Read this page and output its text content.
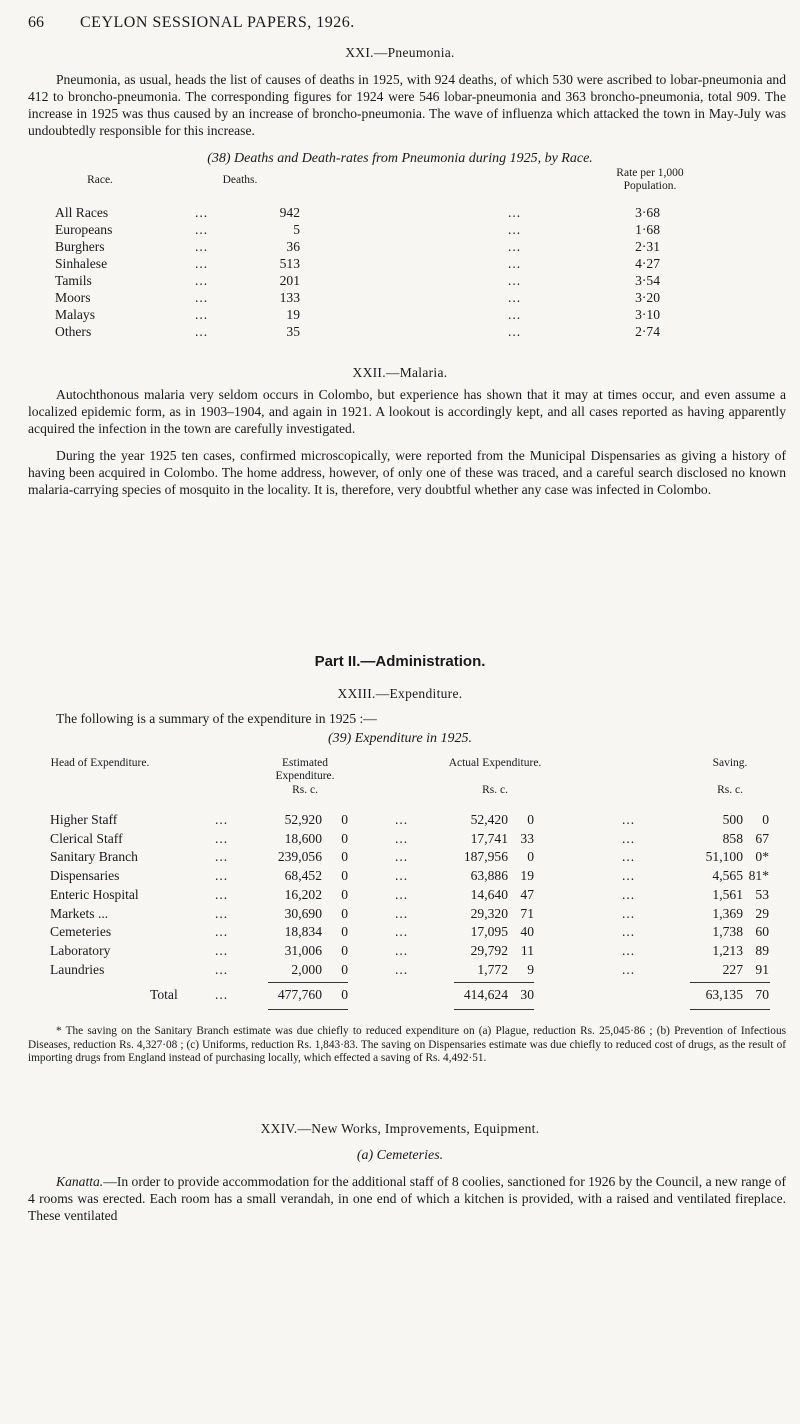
66 CEYLON SESSIONAL PAPERS, 1926.
XXI.—Pneumonia.

Pneumonia, as usual, heads the list of causes of deaths in 1925, with 924 deaths, of which 530 were ascribed to lobar-pneumonia and 412 to broncho-pneumonia. The corresponding figures for 1924 were 546 lobar-pneumonia and 363 broncho-pneumonia, total 909. The increase in 1925 was thus caused by an increase of broncho-pneumonia. The wave of influenza which attacked the town in May-July was undoubtedly responsible for this increase.

(38) Deaths and Death-rates from Pneumonia during 1925, by Race.
Race.	Deaths.
Rate per 1,000 Population.
All Races	...	942	...	3·68
Europeans	...	5	...	1·68
Burghers	...	36	...	2·31
Sinhalese	...	513	...	4·27
Tamils	...	201	...	3·54
Moors	...	133	...	3·20
Malays	...	19	...	3·10
Others	...	35	...	2·74
XXII.—Malaria.

Autochthonous malaria very seldom occurs in Colombo, but experience has shown that it may at times occur, and even assume a localized epidemic form, as in 1903–1904, and again in 1921. A lookout is accordingly kept, and all cases reported as having apparently acquired the infection in the town are carefully investigated.

During the year 1925 ten cases, confirmed microscopically, were reported from the Municipal Dispensaries as giving a history of having been acquired in Colombo. The home address, however, of only one of these was traced, and a careful search disclosed no known malaria-carrying species of mosquito in the locality. It is, therefore, very doubtful whether any case was infected in Colombo.

Part II.—Administration.
XXIII.—Expenditure.

The following is a summary of the expenditure in 1925 :—

(39) Expenditure in 1925.
Head of Expenditure.	Estimated Expenditure.
Actual Expenditure.	Saving.
Rs. c.	Rs. c.	Rs. c.
Higher Staff	...	52,920	0	...	52,420	0	...	500	0
Clerical Staff	...	18,600	0	...	17,741 33	...	858 67
Sanitary Branch	...	239,056	0	...	187,956	0	...	51,100 0*
Dispensaries	...	68,452	0	...	63,886 19	...	4,565 81*
Enteric Hospital	...	16,202	0	...	14,640 47	...	1,561 53
Markets ...	...	30,690	0	...	29,320 71	...	1,369 29
Cemeteries	...	18,834	0	...	17,095 40	...	1,738 60
Laboratory	...	31,006	0	...	29,792 11	...	1,213 89
Laundries	...	2,000	0	...	1,772	9	...	227 91
Total	...	477,760	0	414,624 30	63,135 70

* The saving on the Sanitary Branch estimate was due chiefly to reduced expenditure on (a) Plague, reduction Rs. 25,045·86 ; (b) Prevention of Infectious Diseases, reduction Rs. 4,327·08 ; (c) Uniforms, reduction Rs. 1,843·83. The saving on Dispensaries estimate was due chiefly to reduced cost of drugs, as the result of importing drugs from England instead of purchasing locally, which effected a saving of Rs. 4,492·51.

XXIV.—New Works, Improvements, Equipment.
(a) Cemeteries.

Kanatta.—In order to provide accommodation for the additional staff of 8 coolies, sanctioned for 1926 by the Council, a new range of 4 rooms was erected. Each room has a small verandah, in one end of which a kitchen is provided, with a raised and ventilated fireplace. These ventilated
